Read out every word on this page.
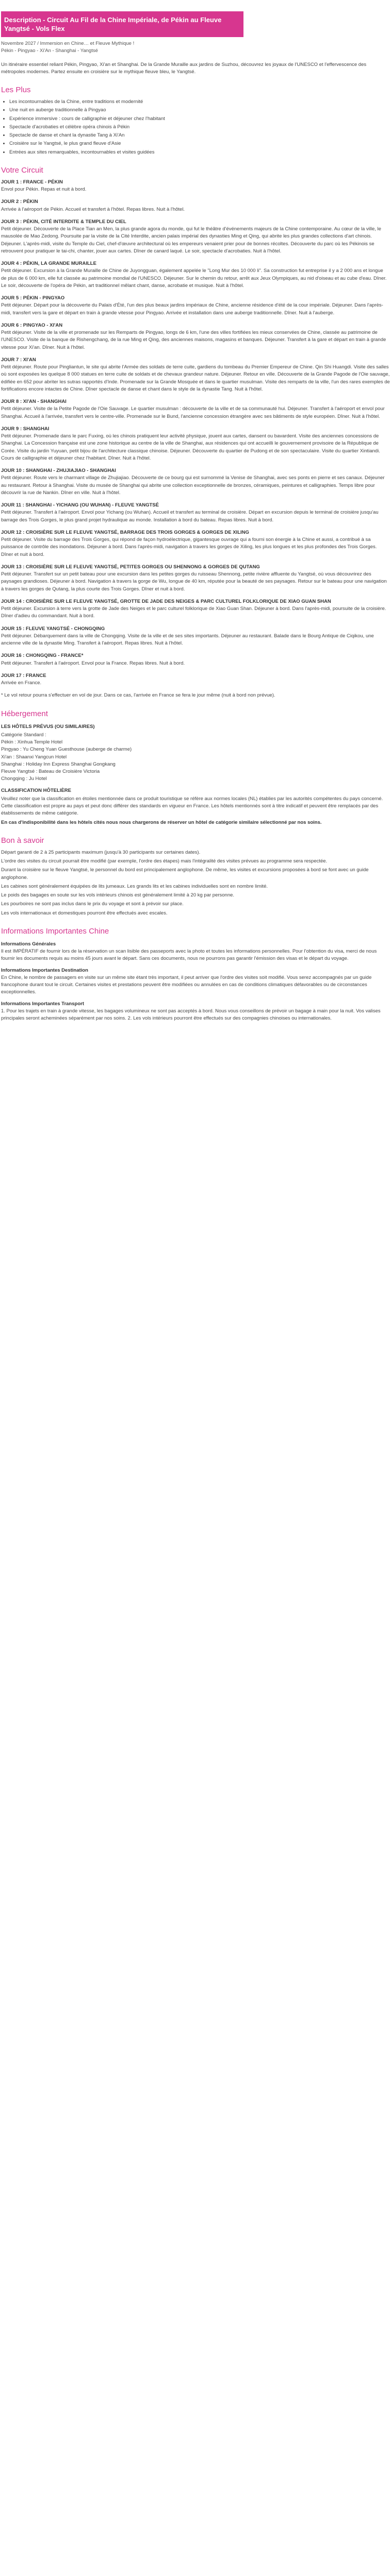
Description - Circuit Au Fil de la Chine Impériale, de Pékin au Fleuve Yangtsé - Vols Flex
Novembre 2027 / Immersion en Chine… et Fleuve Mythique !
Pékin - Pingyao - Xi'An - Shanghai - Yangtsé

Un itinéraire essentiel reliant Pékin, Pingyao, Xi'an et Shanghai. De la Grande Muraille aux jardins de Suzhou, découvrez les joyaux de l'UNESCO et l'effervescence des métropoles modernes. Partez ensuite en croisière sur le mythique fleuve bleu, le Yangtsé.

Les Plus
• Les incontournables de la Chine, entre traditions et modernité
• Une nuit en auberge traditionnelle à Pingyao
• Expérience immersive : cours de calligraphie et déjeuner chez l'habitant
• Spectacle d'acrobaties et célèbre opéra chinois à Pékin
• Spectacle de danse et chant la dynastie Tang à Xi'An
• Croisière sur le Yangtsé, le plus grand fleuve d'Asie
• Entrées aux sites remarquables, incontournables et visites guidées
Votre Circuit
JOUR 1 : FRANCE - PÉKIN

Envol pour Pékin. Repas et nuit à bord.

JOUR 2 : PÉKIN

Arrivée à l'aéroport de Pékin. Accueil et transfert à l'hôtel. Repas libres. Nuit à l'hôtel.

JOUR 3 : PÉKIN, CITÉ INTERDITE & TEMPLE DU CIEL

Petit déjeuner. Découverte de la Place Tian an Men, la plus grande agora du monde, qui fut le théâtre d'événements majeurs de la Chine contemporaine. Au cœur de la ville, le mausolée de Mao Zedong. Poursuite par la visite de la Cité Interdite, ancien palais impérial des dynasties Ming et Qing, qui abrite les plus grandes collections d'art chinois. Déjeuner. L'après-midi, visite du Temple du Ciel, chef-d'œuvre architectural où les empereurs venaient prier pour de bonnes récoltes. Découverte du parc où les Pékinois se retrouvent pour pratiquer le tai-chi, chanter, jouer aux cartes. Dîner de canard laqué. Le soir, spectacle d'acrobaties. Nuit à l'hôtel.

JOUR 4 : PÉKIN, LA GRANDE MURAILLE

Petit déjeuner. Excursion à la Grande Muraille de Chine de Juyongguan, également appelée le "Long Mur des 10 000 li". Sa construction fut entreprise il y a 2 000 ans et longue de plus de 6 000 km, elle fut classée au patrimoine mondial de l'UNESCO. Déjeuner. Sur le chemin du retour, arrêt aux Jeux Olympiques, au nid d'oiseau et au cube d'eau. Dîner. Le soir, découverte de l'opéra de Pékin, art traditionnel mêlant chant, danse, acrobatie et musique. Nuit à l'hôtel.

JOUR 5 : PÉKIN - PINGYAO

Petit déjeuner. Départ pour la découverte du Palais d'Été, l'un des plus beaux jardins impériaux de Chine, ancienne résidence d'été de la cour impériale. Déjeuner. Dans l'après-midi, transfert vers la gare et départ en train à grande vitesse pour Pingyao. Arrivée et installation dans une auberge traditionnelle. Dîner. Nuit à l'auberge.

JOUR 6 : PINGYAO - XI'AN

Petit déjeuner. Visite de la ville et promenade sur les Remparts de Pingyao, longs de 6 km, l'une des villes fortifiées les mieux conservées de Chine, classée au patrimoine de l'UNESCO. Visite de la banque de Rishengchang, de la rue Ming et Qing, des anciennes maisons, magasins et banques. Déjeuner. Transfert à la gare et départ en train à grande vitesse pour Xi'an. Dîner. Nuit à l'hôtel.

JOUR 7 : XI'AN

Petit déjeuner. Route pour Pingliantun, le site qui abrite l'Armée des soldats de terre cuite, gardiens du tombeau du Premier Empereur de Chine. Qin Shi Huangdi. Visite des salles où sont exposées les quelque 8 000 statues en terre cuite de soldats et de chevaux grandeur nature. Déjeuner. Retour en ville. Découverte de la Grande Pagode de l'Oie sauvage, édifiée en 652 pour abriter les sutras rapportés d'Inde. Promenade sur la Grande Mosquée et dans le quartier musulman. Visite des remparts de la ville, l'un des rares exemples de fortifications encore intactes de Chine. Dîner spectacle de danse et chant dans le style de la dynastie Tang. Nuit à l'hôtel.

JOUR 8 : XI'AN - SHANGHAI

Petit déjeuner. Visite de la Petite Pagode de l'Oie Sauvage. Le quartier musulman : découverte de la ville et de sa communauté hui. Déjeuner. Transfert à l'aéroport et envol pour Shanghai. Accueil à l'arrivée, transfert vers le centre-ville. Promenade sur le Bund, l'ancienne concession étrangère avec ses bâtiments de style européen. Dîner. Nuit à l'hôtel.

JOUR 9 : SHANGHAI

Petit déjeuner. Promenade dans le parc Fuxing, où les chinois pratiquent leur activité physique, jouent aux cartes, dansent ou bavardent. Visite des anciennes concessions de Shanghai. La Concession française est une zone historique au centre de la ville de Shanghai, aux résidences qui ont accueilli le gouvernement provisoire de la République de Corée. Visite du jardin Yuyuan, petit bijou de l'architecture classique chinoise. Déjeuner. Découverte du quartier de Pudong et de son spectaculaire. Visite du quartier Xintiandi. Cours de calligraphie et déjeuner chez l'habitant. Dîner. Nuit à l'hôtel.

JOUR 10 : SHANGHAI - ZHUJIAJIAO - SHANGHAI

Petit déjeuner. Route vers le charmant village de Zhujiajiao. Découverte de ce bourg qui est surnommé la Venise de Shanghai, avec ses ponts en pierre et ses canaux. Déjeuner au restaurant. Retour à Shanghai. Visite du musée de Shanghai qui abrite une collection exceptionnelle de bronzes, céramiques, peintures et calligraphies. Temps libre pour découvrir la rue de Nankin. Dîner en ville. Nuit à l'hôtel.

JOUR 11 : SHANGHAI - YICHANG (OU WUHAN) - FLEUVE YANGTSÉ

Petit déjeuner. Transfert à l'aéroport. Envol pour Yichang (ou Wuhan). Accueil et transfert au terminal de croisière. Départ en excursion depuis le terminal de croisière jusqu'au barrage des Trois Gorges, le plus grand projet hydraulique au monde. Installation à bord du bateau. Repas libres. Nuit à bord.

JOUR 12 : CROISIÈRE SUR LE FLEUVE YANGTSÉ, BARRAGE DES TROIS GORGES & GORGES DE XILING

Petit déjeuner. Visite du barrage des Trois Gorges, qui répond de façon hydroélectrique, gigantesque ouvrage qui a fourni son énergie à la Chine et aussi, a contribué à sa puissance de contrôle des inondations. Déjeuner à bord. Dans l'après-midi, navigation à travers les gorges de Xiling, les plus longues et les plus profondes des Trois Gorges. Dîner et nuit à bord.

JOUR 13 : CROISIÈRE SUR LE FLEUVE YANGTSÉ, PETITES GORGES OU SHENNONG & GORGES DE QUTANG

Petit déjeuner. Transfert sur un petit bateau pour une excursion dans les petites gorges du ruisseau Shennong, petite rivière affluente du Yangtsé, où vous découvrirez des paysages grandioses. Déjeuner à bord. Navigation à travers la gorge de Wu, longue de 40 km, réputée pour la beauté de ses paysages. Retour sur le bateau pour une navigation à travers les gorges de Qutang, la plus courte des Trois Gorges. Dîner et nuit à bord.

JOUR 14 : CROISIÈRE SUR LE FLEUVE YANGTSÉ, GROTTE DE JADE DES NEIGES & PARC CULTUREL FOLKLORIQUE DE XIAO GUAN SHAN

Petit déjeuner. Excursion à terre vers la grotte de Jade des Neiges et le parc culturel folklorique de Xiao Guan Shan. Déjeuner à bord. Dans l'après-midi, poursuite de la croisière. Dîner d'adieu du commandant. Nuit à bord.

JOUR 15 : FLEUVE YANGTSÉ - CHONGQING

Petit déjeuner. Débarquement dans la ville de Chongqing. Visite de la ville et de ses sites importants. Déjeuner au restaurant. Balade dans le Bourg Antique de Ciqikou, une ancienne ville de la dynastie Ming. Transfert à l'aéroport. Repas libres. Nuit à l'hôtel.

JOUR 16 : CHONGQING - FRANCE*

Petit déjeuner. Transfert à l'aéroport. Envol pour la France. Repas libres. Nuit à bord.

JOUR 17 : FRANCE

Arrivée en France.

* Le vol retour pourra s'effectuer en vol de jour. Dans ce cas, l'arrivée en France se fera le jour même (nuit à bord non prévue).

Hébergement
LES HÔTELS PRÉVUS (OU SIMILAIRES)
Catégorie Standard :
Pékin : Xinhua Temple Hotel
Pingyao : Yu Cheng Yuan Guesthouse (auberge de charme)
Xi'an : Shaanxi Yangcun Hotel
Shanghai : Holiday Inn Express Shanghai Gongkang
Fleuve Yangtsé : Bateau de Croisière Victoria
Chongqing : Ju Hotel
CLASSIFICATION HÔTELIÈRE

Veuillez noter que la classification en étoiles mentionnée dans ce produit touristique se réfère aux normes locales (NL) établies par les autorités compétentes du pays concerné. Cette classification est propre au pays et peut donc différer des standards en vigueur en France. Les hôtels mentionnés sont à titre indicatif et peuvent être remplacés par des établissements de même catégorie.

En cas d'indisponibilité dans les hôtels cités nous nous chargerons de réserver un hôtel de catégorie similaire sélectionné par nos soins.

Bon à savoir

Départ garanti de 2 à 25 participants maximum (jusqu'à 30 participants sur certaines dates).

L'ordre des visites du circuit pourrait être modifié (par exemple, l'ordre des étapes) mais l'intégralité des visites prévues au programme sera respectée.

Durant la croisière sur le fleuve Yangtsé, le personnel du bord est principalement anglophone. De même, les visites et excursions proposées à bord se font avec un guide anglophone.

Les cabines sont généralement équipées de lits jumeaux. Les grands lits et les cabines individuelles sont en nombre limité.

Le poids des bagages en soute sur les vols intérieurs chinois est généralement limité à 20 kg par personne.

Les pourboires ne sont pas inclus dans le prix du voyage et sont à prévoir sur place.

Les vols internationaux et domestiques pourront être effectués avec escales.

Informations Importantes Chine
Informations Générales

Il est IMPÉRATIF de fournir lors de la réservation un scan lisible des passeports avec la photo et toutes les informations personnelles. Pour l'obtention du visa, merci de nous fournir les documents requis au moins 45 jours avant le départ. Sans ces documents, nous ne pourrons pas garantir l'émission des visas et le départ du voyage.

Informations Importantes Destination

En Chine, le nombre de passagers en visite sur un même site étant très important, il peut arriver que l'ordre des visites soit modifié. Vous serez accompagnés par un guide francophone durant tout le circuit. Certaines visites et prestations peuvent être modifiées ou annulées en cas de conditions climatiques défavorables ou de circonstances exceptionnelles.

Informations Importantes Transport

1. Pour les trajets en train à grande vitesse, les bagages volumineux ne sont pas acceptés à bord. Nous vous conseillons de prévoir un bagage à main pour la nuit. Vos valises principales seront acheminées séparément par nos soins. 2. Les vols intérieurs pourront être effectués sur des compagnies chinoises ou internationales.
